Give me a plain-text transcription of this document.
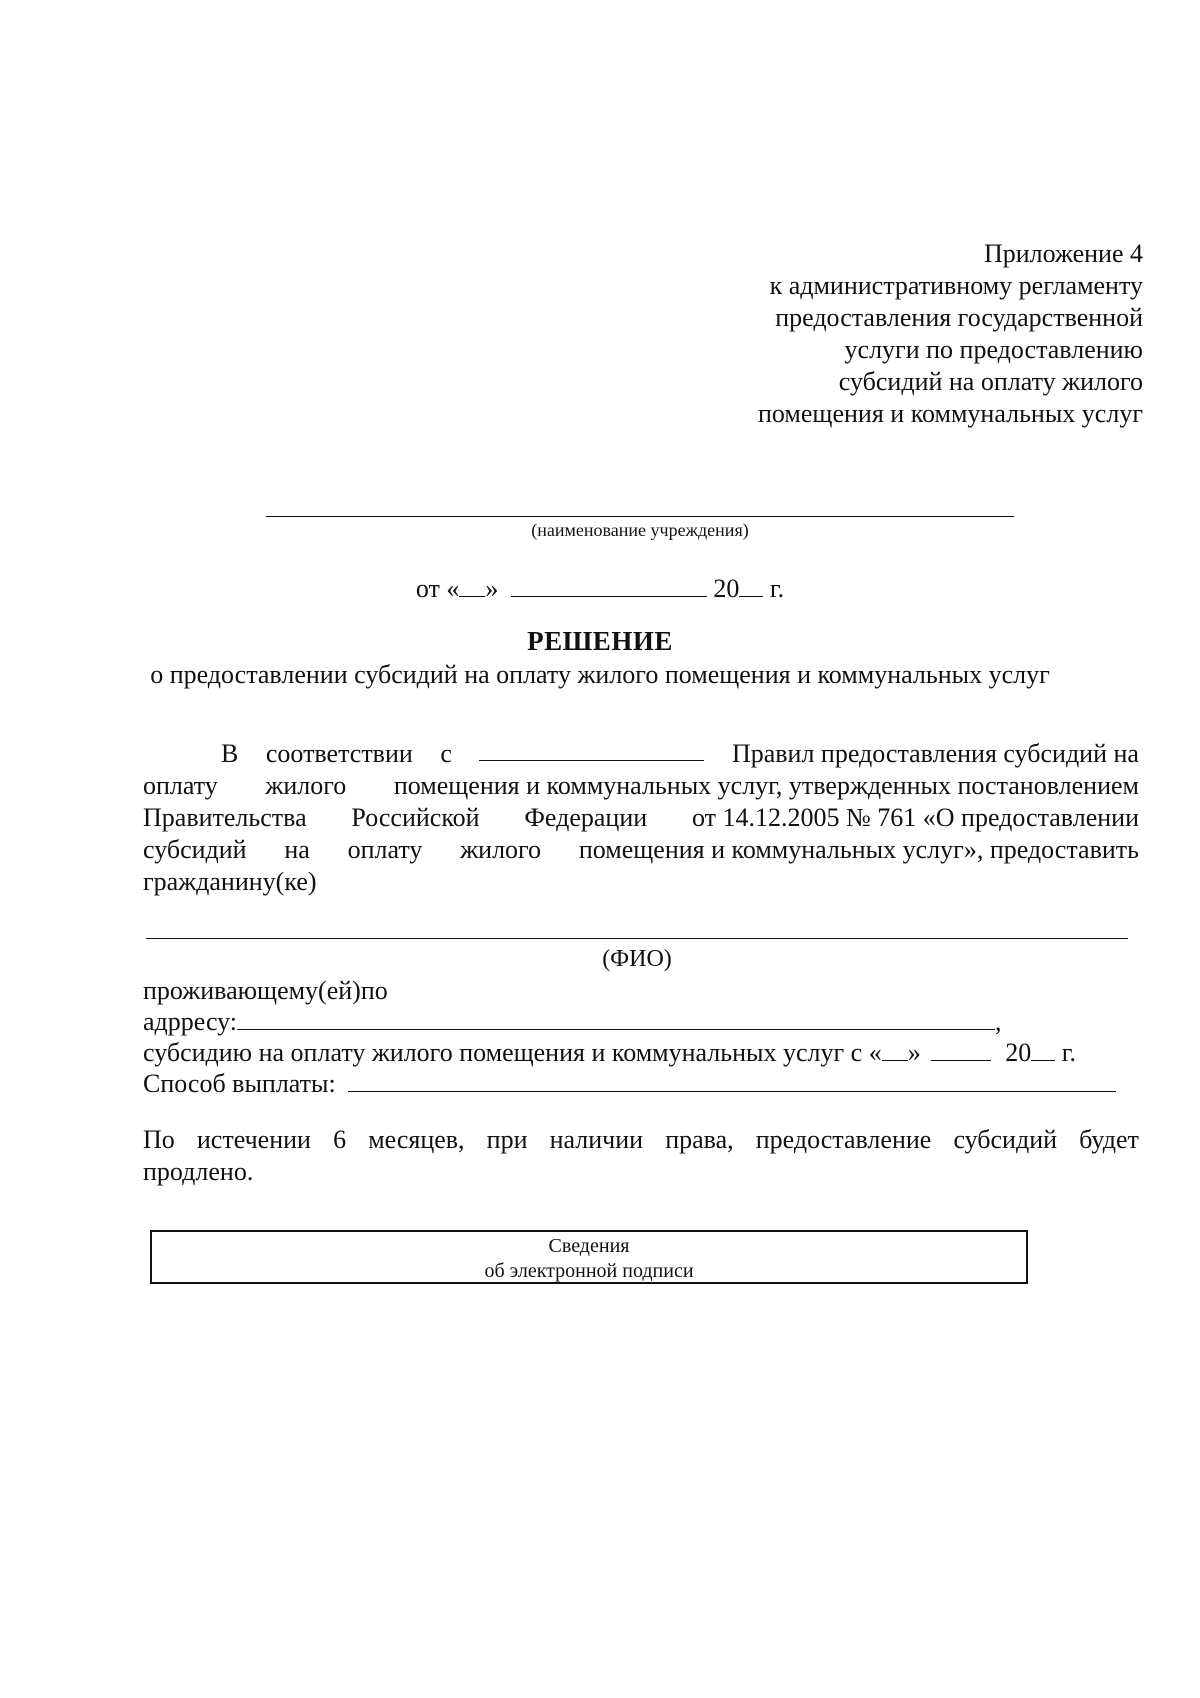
Приложение 4
к административному регламенту
предоставления государственной
услуги по предоставлению
субсидий на оплату жилого
помещения и коммунальных услуг
(наименование учреждения)
от « »	20 г.
РЕШЕНИЕ
о предоставлении субсидий на оплату жилого помещения и коммунальных услуг
В соответствии с	Правил предоставления субсидий на
оплату жилого помещения и коммунальных услуг, утвержденных постановлением
Правительства Российской Федерации от 14.12.2005 № 761 «О предоставлении
субсидий на оплату жилого помещения и коммунальных услуг», предоставить
гражданину(ке)
(ФИО)
проживающему(ей)по
адрресу:	,
субсидию на оплату жилого помещения и коммунальных услуг с « »	20 г.
Способ выплаты:
По истечении 6 месяцев, при наличии права, предоставление субсидий будет
продлено.
Сведения
об электронной подписи
